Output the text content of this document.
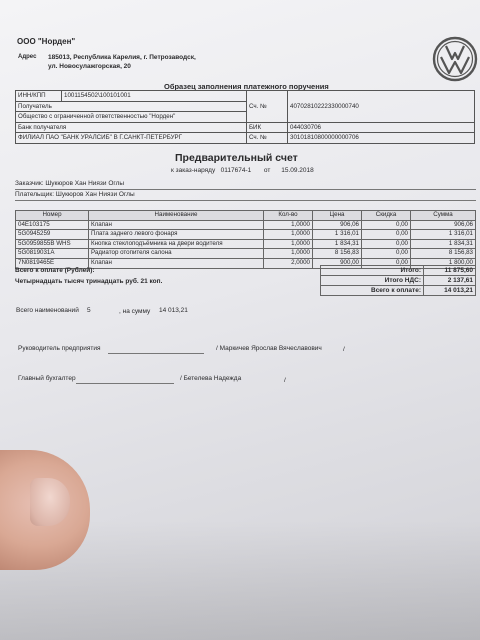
ООО "Норден"
Адрес 185013, Республика Карелия, г. Петрозаводск,
ул. Новосулажгорская, 20
Образец заполнения платежного поручения
ИНН/КПП	1001154502\100101001	Сч. №	40702810222330000740
Получатель			
Общество с ограниченной ответственностью "Норден"			
Банк получателя		БИК	044030706
ФИЛИАЛ ПАО "БАНК УРАЛСИБ" В Г.САНКТ-ПЕТЕРБУРГ		Сч. №	30101810800000000706
Предварительный счет
к заказ-наряду 0117674-1 от 15.09.2018
Заказчик: Шукюров Хан Ниязи Оглы
Плательщик: Шукюров Хан Ниязи Оглы
Номер	Наименование	Кол-во	Цена	Скидка	Сумма
04E103175	Клапан	1,0000	906,06	0,00	906,06
5G0945259	Плата заднего левого фонаря	1,0000	1 316,01	0,00	1 316,01
5G0959855B WHS	Кнопка стеклоподъёмника на двери водителя	1,0000	1 834,31	0,00	1 834,31
5G0819031A	Радиатор отопителя салона	1,0000	8 156,83	0,00	8 156,83
7N0819465E	Клапан	2,0000	900,00	0,00	1 800,00
Всего к оплате (Рублей):
Четырнадцать тысяч тринадцать руб. 21 коп.
Итого:	11 875,60
Итого НДС:	2 137,61
Всего к оплате:	14 013,21
Всего наименований 5	, на сумму 14 013,21
Руководитель предприятия	/ Маркичев Ярослав Вячеславович	/
Главный бухгалтер	/ Бетелева Надежда	/
